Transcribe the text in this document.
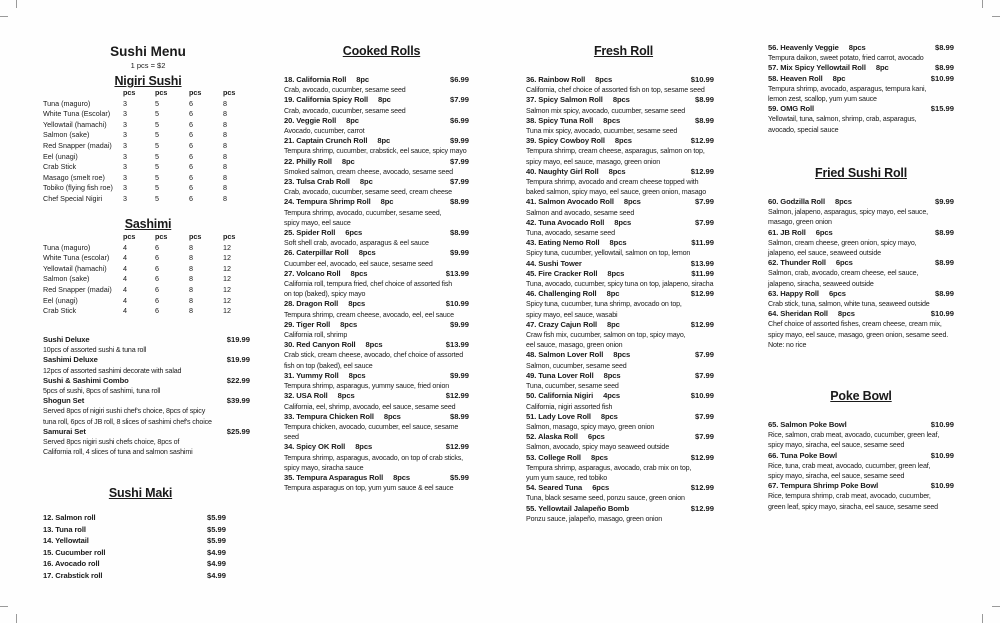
Sushi Menu
1 pcs = $2
Nigiri Sushi
pcs	pcs	pcs	pcs
Tuna (maguro)	3	5	6	8
White Tuna (Escolar)	3	5	6	8
Yellowtail (hamachi)	3	5	6	8
Salmon (sake)	3	5	6	8
Red Snapper (madai)	3	5	6	8
Eel (unagi)	3	5	6	8
Crab Stick	3	5	6	8
Masago (smelt roe)	3	5	6	8
Tobiko (flying fish roe)	3	5	6	8
Chef Special Nigiri	3	5	6	8
Sashimi
pcs	pcs	pcs	pcs
Tuna (maguro)	4	6	8	12
White Tuna (escolar)	4	6	8	12
Yellowtail (hamachi)	4	6	8	12
Salmon (sake)	4	6	8	12
Red Snapper (madai)	4	6	8	12
Eel (unagi)	4	6	8	12
Crab Stick	4	6	8	12
Sushi Deluxe	$19.99
10pcs of assorted sushi & tuna roll
Sashimi Deluxe	$19.99
12pcs of assorted sashimi decorate with salad
Sushi & Sashimi Combo	$22.99
5pcs of sushi, 8pcs of sashimi, tuna roll
Shogun Set	$39.99
Served 8pcs of nigiri sushi chef's choice, 8pcs of spicy
tuna roll, 6pcs of JB roll, 8 slices of sashimi chef's choice
Samurai Set	$25.99
Served 8pcs nigiri sushi chefs choice, 8pcs of
California roll, 4 slices of tuna and salmon sashimi
Sushi Maki
12. Salmon roll	$5.99
13. Tuna roll	$5.99
14. Yellowtail	$5.99
15. Cucumber roll	$4.99
16. Avocado roll	$4.99
17. Crabstick roll	$4.99
Cooked Rolls
18. California Roll 8pc	$6.99
Crab, avocado, cucumber, sesame seed
19. California Spicy Roll 8pc	$7.99
Crab, avocado, cucumber, sesame seed
20. Veggie Roll 8pc	$6.99
Avocado, cucumber, carrot
21. Captain Crunch Roll 8pc	$9.99
Tempura shrimp, cucumber, crabstick, eel sauce, spicy mayo
22. Philly Roll 8pc	$7.99
Smoked salmon, cream cheese, avocado, sesame seed
23. Tulsa Crab Roll 8pc	$7.99
Crab, avocado, cucumber, sesame seed, cream cheese
24. Tempura Shrimp Roll 8pc	$8.99
Tempura shrimp, avocado, cucumber, sesame seed,
spicy mayo, eel sauce
25. Spider Roll 6pcs	$8.99
Soft shell crab, avocado, asparagus & eel sauce
26. Caterpillar Roll 8pcs	$9.99
Cucumber eel, avocado, eel sauce, sesame seed
27. Volcano Roll 8pcs	$13.99
California roll, tempura fried, chef choice of assorted fish
on top (baked), spicy mayo
28. Dragon Roll 8pcs	$10.99
Tempura shrimp, cream cheese, avocado, eel, eel sauce
29. Tiger Roll 8pcs	$9.99
California roll, shrimp
30. Red Canyon Roll 8pcs	$13.99
Crab stick, cream cheese, avocado, chef choice of assorted
fish on top (baked), eel sauce
31. Yummy Roll 8pcs	$9.99
Tempura shrimp, asparagus, yummy sauce, fried onion
32. USA Roll 8pcs	$12.99
California, eel, shrimp, avocado, eel sauce, sesame seed
33. Tempura Chicken Roll 8pcs	$8.99
Tempura chicken, avocado, cucumber, eel sauce, sesame seed
34. Spicy OK Roll 8pcs	$12.99
Tempura shrimp, asparagus, avocado, on top of crab sticks,
spicy mayo, siracha sauce
35. Tempura Asparagus Roll 8pcs	$5.99
Tempura asparagus on top, yum yum sauce & eel sauce
Fresh Roll
36. Rainbow Roll 8pcs	$10.99
California, chef choice of assorted fish on top, sesame seed
37. Spicy Salmon Roll 8pcs	$8.99
Salmon mix spicy, avocado, cucumber, sesame seed
38. Spicy Tuna Roll 8pcs	$8.99
Tuna mix spicy, avocado, cucumber, sesame seed
39. Spicy Cowboy Roll 8pcs	$12.99
Tempura shrimp, cream cheese, asparagus, salmon on top,
spicy mayo, eel sauce, masago, green onion
40. Naughty Girl Roll 8pcs	$12.99
Tempura shrimp, avocado and cream cheese topped with
baked salmon, spicy mayo, eel sauce, green onion, masago
41. Salmon Avocado Roll 8pcs	$7.99
Salmon and avocado, sesame seed
42. Tuna Avocado Roll 8pcs	$7.99
Tuna, avocado, sesame seed
43. Eating Nemo Roll 8pcs	$11.99
Spicy tuna, cucumber, yellowtail, salmon on top, lemon
44. Sushi Tower	$13.99
45. Fire Cracker Roll 8pcs	$11.99
Tuna, avocado, cucumber, spicy tuna on top, jalapeno, siracha
46. Challenging Roll 8pc	$12.99
Spicy tuna, cucumber, tuna shrimp, avocado on top,
spicy mayo, eel sauce, wasabi
47. Crazy Cajun Roll 8pc	$12.99
Craw fish mix, cucumber, salmon on top, spicy mayo,
eel sauce, masago, green onion
48. Salmon Lover Roll 8pcs	$7.99
Salmon, cucumber, sesame seed
49. Tuna Lover Roll 8pcs	$7.99
Tuna, cucumber, sesame seed
50. California Nigiri 4pcs	$10.99
California, nigiri assorted fish
51. Lady Love Roll 8pcs	$7.99
Salmon, masago, spicy mayo, green onion
52. Alaska Roll 6pcs	$7.99
Salmon, avocado, spicy mayo seaweed outside
53. College Roll 8pcs	$12.99
Tempura shrimp, asparagus, avocado, crab mix on top,
yum yum sauce, red tobiko
54. Seared Tuna 6pcs	$12.99
Tuna, black sesame seed, ponzu sauce, green onion
55. Yellowtail Jalapeño Bomb	$12.99
Ponzu sauce, jalapeño, masago, green onion
56. Heavenly Veggie 8pcs	$8.99
Tempura daikon, sweet potato, fried carrot, avocado
57. Mix Spicy Yellowtail Roll 8pc	$8.99
58. Heaven Roll 8pc	$10.99
Tempura shrimp, avocado, asparagus, tempura kani,
lemon zest, scallop, yum yum sauce
59. OMG Roll	$15.99
Yellowtail, tuna, salmon, shrimp, crab, asparagus,
avocado, special sauce
Fried Sushi Roll
60. Godzilla Roll 8pcs	$9.99
Salmon, jalapeno, asparagus, spicy mayo, eel sauce,
masago, green onion
61. JB Roll 6pcs	$8.99
Salmon, cream cheese, green onion, spicy mayo,
jalapeno, eel sauce, seaweed outside
62. Thunder Roll 6pcs	$8.99
Salmon, crab, avocado, cream cheese, eel sauce,
jalapeno, siracha, seaweed outside
63. Happy Roll 6pcs	$8.99
Crab stick, tuna, salmon, white tuna, seaweed outside
64. Sheridan Roll 8pcs	$10.99
Chef choice of assorted fishes, cream cheese, cream mix,
spicy mayo, eel sauce, masago, green onion, sesame seed.
Note: no rice
Poke Bowl
65. Salmon Poke Bowl	$10.99
Rice, salmon, crab meat, avocado, cucumber, green leaf,
spicy mayo, siracha, eel sauce, sesame seed
66. Tuna Poke Bowl	$10.99
Rice, tuna, crab meat, avocado, cucumber, green leaf,
spicy mayo, siracha, eel sauce, sesame seed
67. Tempura Shrimp Poke Bowl	$10.99
Rice, tempura shrimp, crab meat, avocado, cucumber,
green leaf, spicy mayo, siracha, eel sauce, sesame seed
